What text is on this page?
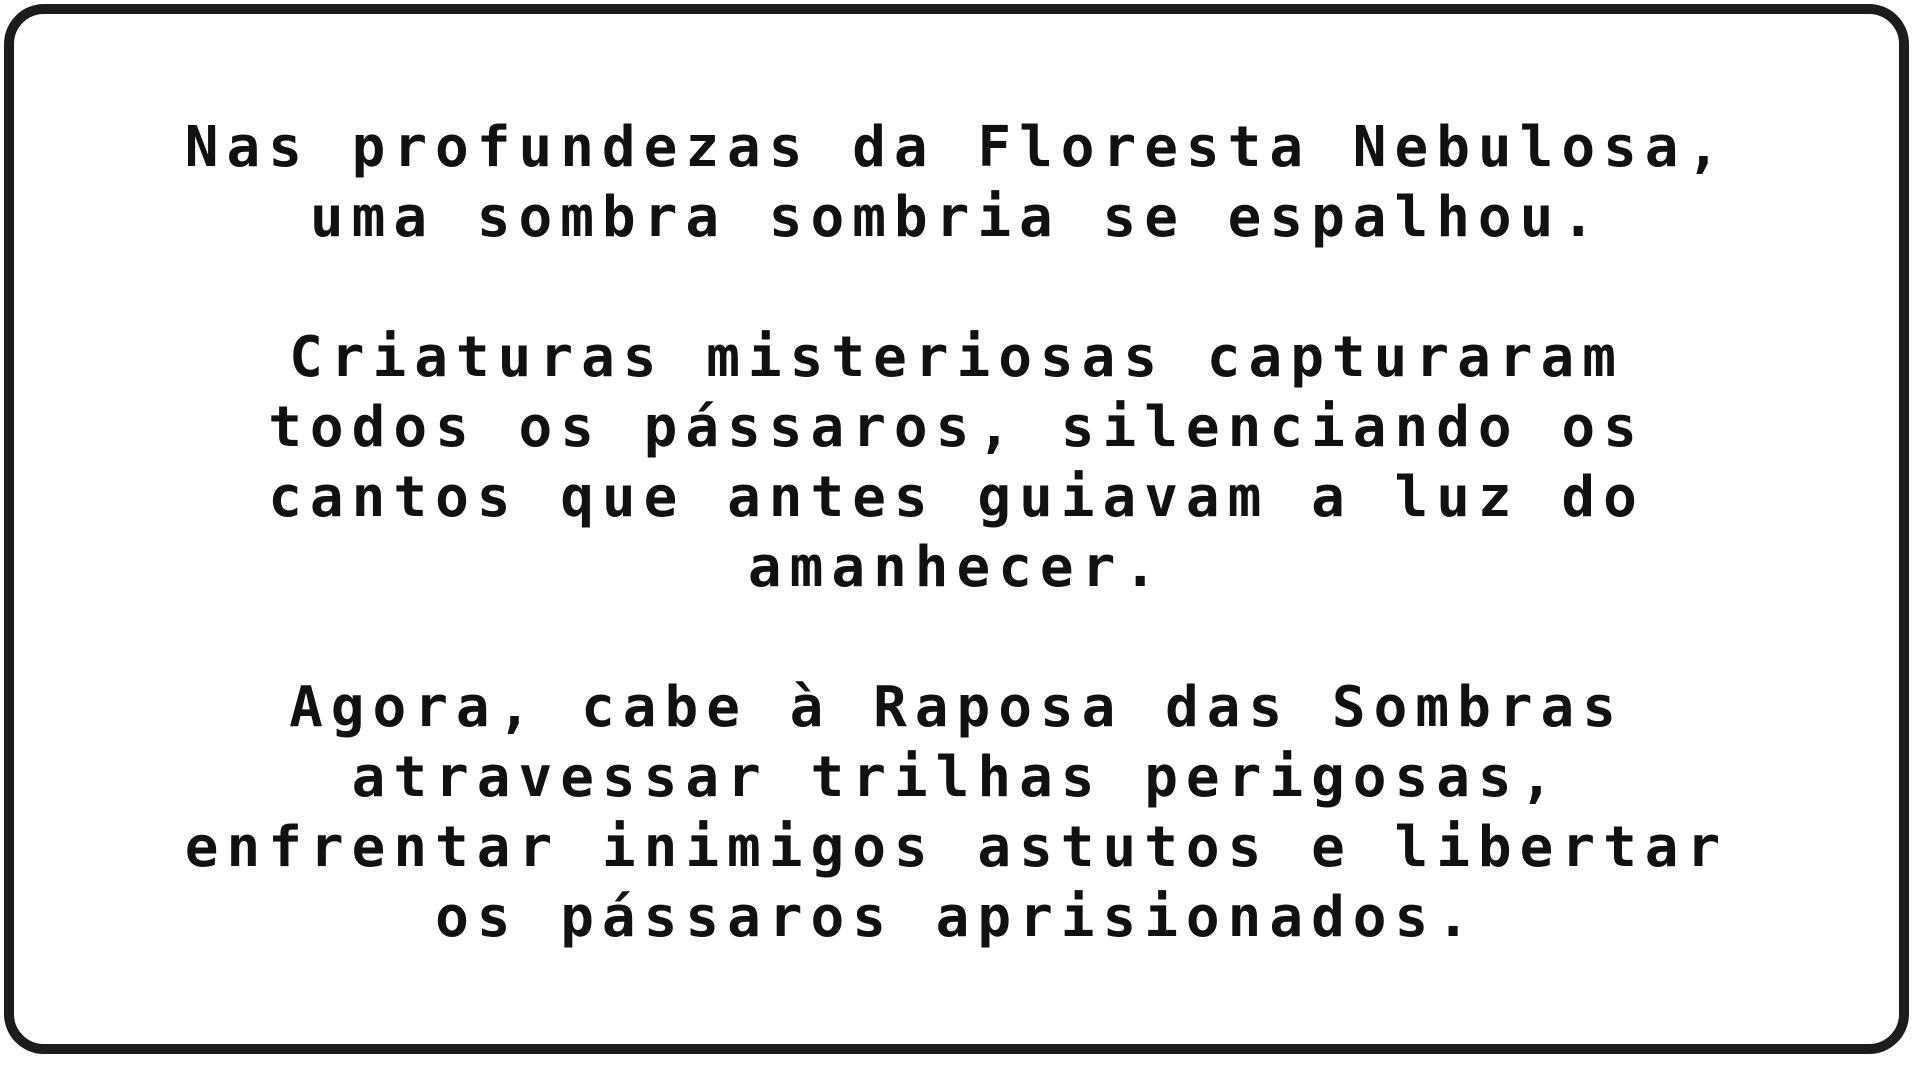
Nas profundezas da Floresta Nebulosa,
uma sombra sombria se espalhou.

Criaturas misteriosas capturaram
todos os pássaros, silenciando os
cantos que antes guiavam a luz do
amanhecer.

Agora, cabe à Raposa das Sombras
atravessar trilhas perigosas,
enfrentar inimigos astutos e libertar
os pássaros aprisionados.
